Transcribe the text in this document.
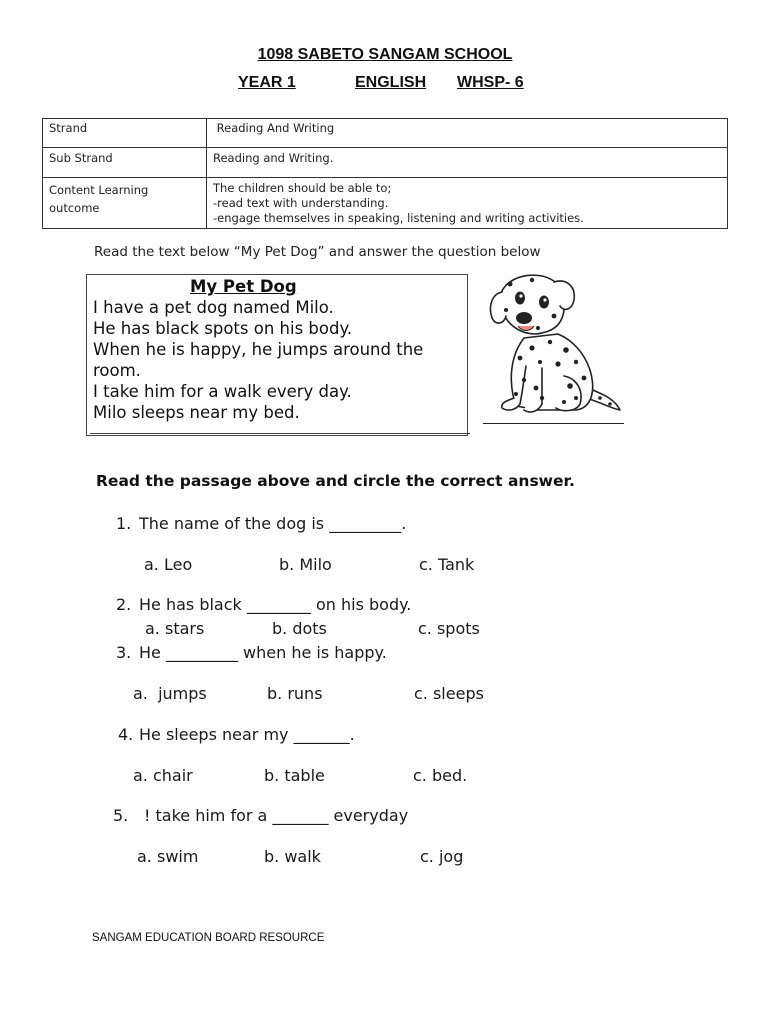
1098 SABETO SANGAM SCHOOL
YEAR 1	ENGLISH WHSP- 6
Strand	Reading And Writing
Sub Strand	Reading and Writing.
Content Learning
outcome	The children should be able to;
-read text with understanding.
-engage themselves in speaking, listening and writing activities.
Read the text below “My Pet Dog” and answer the question below
My Pet Dog
I have a pet dog named Milo.
He has black spots on his body.
When he is happy, he jumps around the
room.
I take him for a walk every day.
Milo sleeps near my bed.
Read the passage above and circle the correct answer.
1. The name of the dog is _________.
a. Leo	b. Milo	c. Tank
2. He has black ________ on his body.
a. stars	b. dots	c. spots
3. He _________ when he is happy.
a.  jumps	b. runs	c. sleeps
4. He sleeps near my _______.
a. chair	b. table	c. bed.
5. ! take him for a _______ everyday
a. swim	b. walk	c. jog
SANGAM EDUCATION BOARD RESOURCE
